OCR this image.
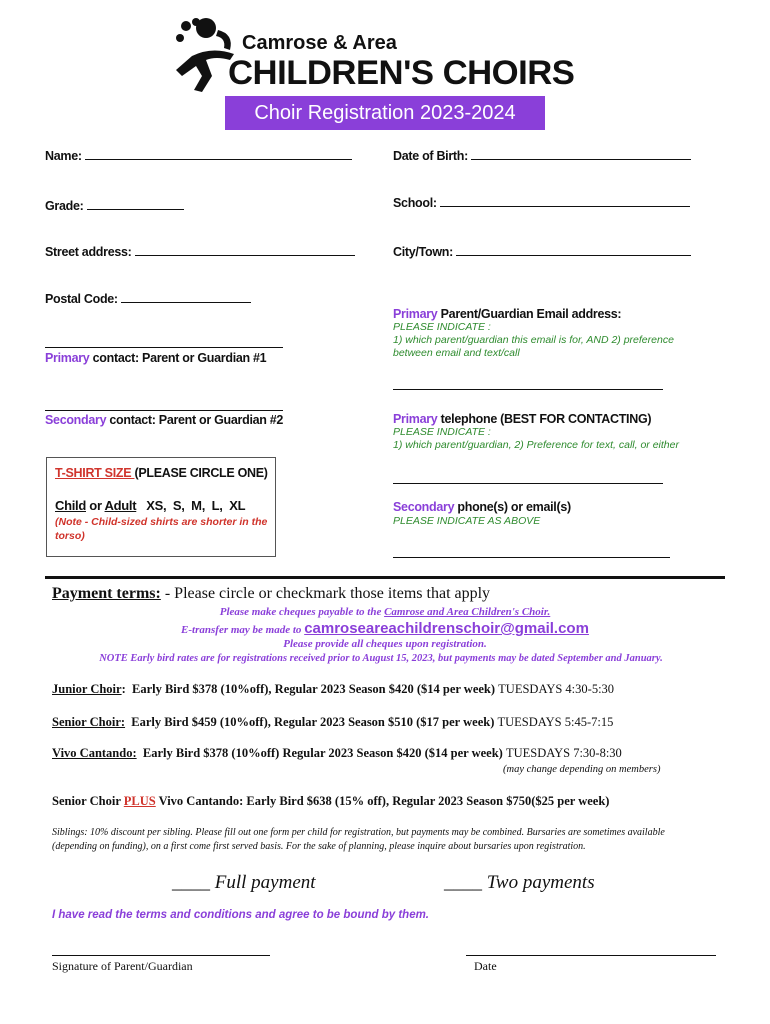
Camrose & Area
CHILDREN'S CHOIRS
Choir Registration 2023-2024
Name:	Date of Birth:
Grade:	School:
Street address:	City/Town:
Postal Code:
Primary contact: Parent or Guardian #1
Secondary contact: Parent or Guardian #2
Primary Parent/Guardian Email address:
PLEASE INDICATE :
1) which parent/guardian this email is for, AND 2) preference between email and text/call
Primary telephone (BEST FOR CONTACTING)
PLEASE INDICATE :
1) which parent/guardian, 2) Preference for text, call, or either
Secondary phone(s) or email(s)
PLEASE INDICATE AS ABOVE
T-SHIRT SIZE (PLEASE CIRCLE ONE)
Child or Adult   XS,  S,  M,  L,  XL
(Note - Child-sized shirts are shorter in the torso)
Payment terms: - Please circle or checkmark those items that apply
Please make cheques payable to the Camrose and Area Children's Choir.
E-transfer may be made to camroseareachildrenschoir@gmail.com
Please provide all cheques upon registration.
NOTE Early bird rates are for registrations received prior to August 15, 2023, but payments may be dated September and January.
Junior Choir:  Early Bird $378 (10%off), Regular 2023 Season $420 ($14 per week) TUESDAYS 4:30-5:30
Senior Choir:  Early Bird $459 (10%off), Regular 2023 Season $510 ($17 per week) TUESDAYS 5:45-7:15
Vivo Cantando:  Early Bird $378 (10%off) Regular 2023 Season $420 ($14 per week) TUESDAYS 7:30-8:30
(may change depending on members)
Senior Choir PLUS Vivo Cantando: Early Bird $638 (15% off), Regular 2023 Season $750($25 per week)
Siblings: 10% discount per sibling. Please fill out one form per child for registration, but payments may be combined. Bursaries are sometimes available (depending on funding), on a first come first served basis. For the sake of planning, please inquire about bursaries upon registration.
____ Full payment	____ Two payments
I have read the terms and conditions and agree to be bound by them.
Signature of Parent/Guardian	Date
